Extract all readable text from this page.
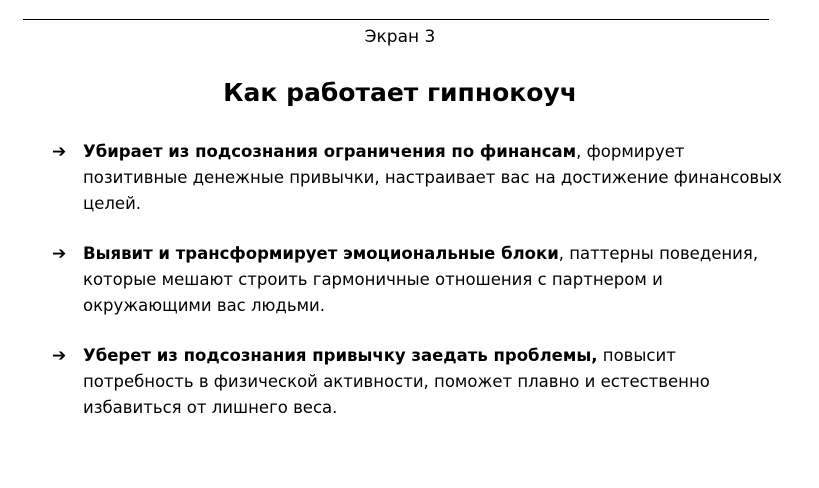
Экран 3
Как работает гипнокоуч
➔ Убирает из подсознания ограничения по финансам, формирует позитивные денежные привычки, настраивает вас на достижение финансовых целей.
➔ Выявит и трансформирует эмоциональные блоки, паттерны поведения, которые мешают строить гармоничные отношения с партнером и окружающими вас людьми.
➔ Уберет из подсознания привычку заедать проблемы, повысит потребность в физической активности, поможет плавно и естественно избавиться от лишнего веса.
